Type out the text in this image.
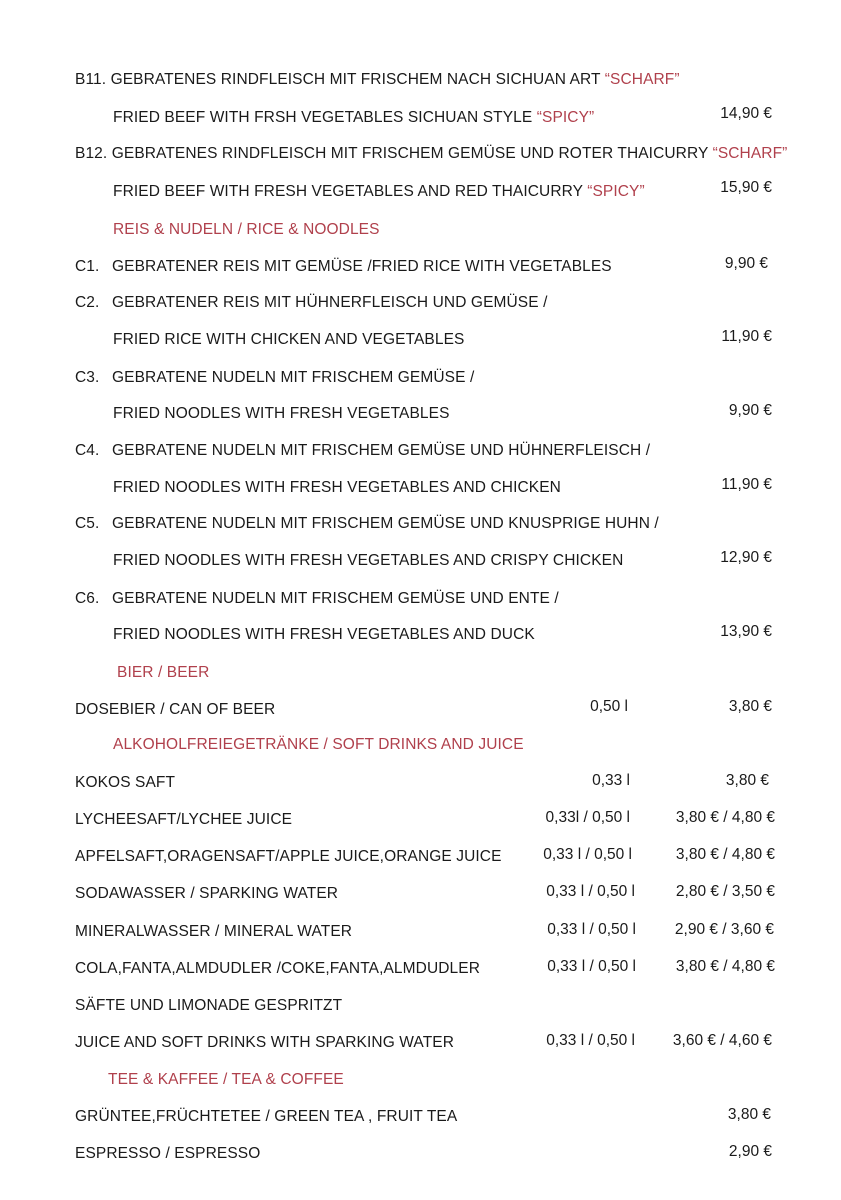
B11. GEBRATENES RINDFLEISCH MIT FRISCHEM NACH SICHUAN ART “SCHARF”
FRIED BEEF WITH FRSH VEGETABLES SICHUAN STYLE “SPICY”	14,90 €
B12. GEBRATENES RINDFLEISCH MIT FRISCHEM GEMÜSE UND ROTER THAICURRY “SCHARF”
FRIED BEEF WITH FRESH VEGETABLES AND RED THAICURRY “SPICY”	15,90 €
REIS & NUDELN / RICE & NOODLES
C1. GEBRATENER REIS MIT GEMÜSE /FRIED RICE WITH VEGETABLES	9,90 €
C2. GEBRATENER REIS MIT HÜHNERFLEISCH UND GEMÜSE /
FRIED RICE WITH CHICKEN AND VEGETABLES	11,90 €
C3. GEBRATENE NUDELN MIT FRISCHEM GEMÜSE /
FRIED NOODLES WITH FRESH VEGETABLES	9,90 €
C4. GEBRATENE NUDELN MIT FRISCHEM GEMÜSE UND HÜHNERFLEISCH /
FRIED NOODLES WITH FRESH VEGETABLES AND CHICKEN	11,90 €
C5. GEBRATENE NUDELN MIT FRISCHEM GEMÜSE UND KNUSPRIGE HUHN /
FRIED NOODLES WITH FRESH VEGETABLES AND CRISPY CHICKEN	12,90 €
C6. GEBRATENE NUDELN MIT FRISCHEM GEMÜSE UND ENTE /
FRIED NOODLES WITH FRESH VEGETABLES AND DUCK	13,90 €
BIER / BEER
DOSEBIER / CAN OF BEER	0,50 l	3,80 €
ALKOHOLFREIEGETRÄNKE / SOFT DRINKS AND JUICE
KOKOS SAFT	0,33 l	3,80 €
LYCHEESAFT/LYCHEE JUICE	0,33l / 0,50 l	3,80 € / 4,80 €
APFELSAFT,ORAGENSAFT/APPLE JUICE,ORANGE JUICE	0,33 l / 0,50 l	3,80 € / 4,80 €
SODAWASSER / SPARKING WATER	0,33 l / 0,50 l	2,80 € / 3,50 €
MINERALWASSER / MINERAL WATER	0,33 l / 0,50 l	2,90 € / 3,60 €
COLA,FANTA,ALMDUDLER /COKE,FANTA,ALMDUDLER	0,33 l / 0,50 l	3,80 € / 4,80 €
SÄFTE UND LIMONADE GESPRITZT
JUICE AND SOFT DRINKS WITH SPARKING WATER	0,33 l / 0,50 l 3,60 € / 4,60 €
TEE & KAFFEE / TEA & COFFEE
GRÜNTEE,FRÜCHTETEE / GREEN TEA , FRUIT TEA	3,80 €
ESPRESSO / ESPRESSO	2,90 €
